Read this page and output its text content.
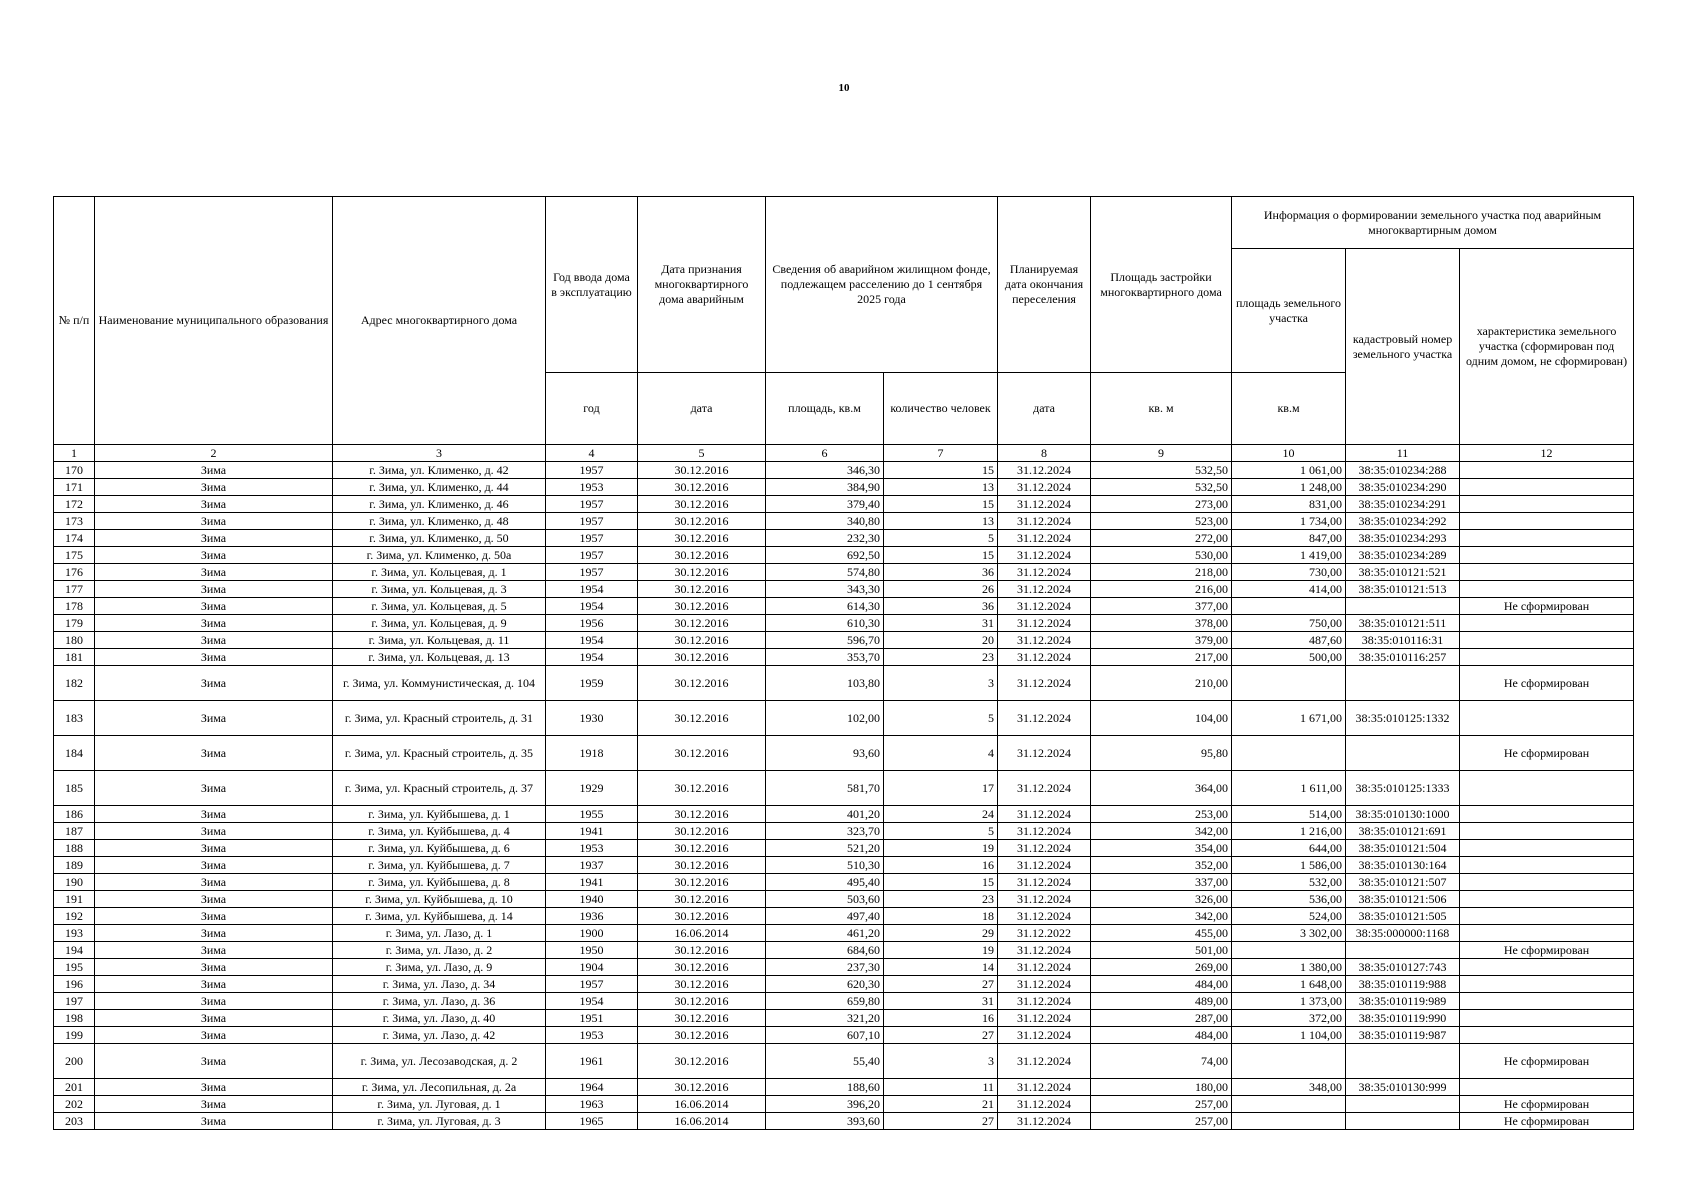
10
№ п/п	Наименование муниципального образования	Адрес многоквартирного дома	Год ввода дома в эксплуатацию	Дата признания многоквартирного дома аварийным	Сведения об аварийном жилищном фонде, подлежащем расселению до 1 сентября 2025 года		Планируемая дата окончания переселения	Площадь застройки многоквартирного дома	Информация о формировании земельного участка под аварийным многоквартирным домом		
									площадь земельного участка	кадастровый номер земельного участка	характеристика земельного участка (сформирован под одним домом, не сформирован)
			год	дата	площадь, кв.м	количество человек	дата	кв. м	кв.м		
1	2	3	4	5	6	7	8	9	10	11	12
170	Зима	г. Зима, ул. Клименко, д. 42	1957	30.12.2016	346,30	15	31.12.2024	532,50	1 061,00	38:35:010234:288	
171	Зима	г. Зима, ул. Клименко, д. 44	1953	30.12.2016	384,90	13	31.12.2024	532,50	1 248,00	38:35:010234:290	
172	Зима	г. Зима, ул. Клименко, д. 46	1957	30.12.2016	379,40	15	31.12.2024	273,00	831,00	38:35:010234:291	
173	Зима	г. Зима, ул. Клименко, д. 48	1957	30.12.2016	340,80	13	31.12.2024	523,00	1 734,00	38:35:010234:292	
174	Зима	г. Зима, ул. Клименко, д. 50	1957	30.12.2016	232,30	5	31.12.2024	272,00	847,00	38:35:010234:293	
175	Зима	г. Зима, ул. Клименко, д. 50а	1957	30.12.2016	692,50	15	31.12.2024	530,00	1 419,00	38:35:010234:289	
176	Зима	г. Зима, ул. Кольцевая, д. 1	1957	30.12.2016	574,80	36	31.12.2024	218,00	730,00	38:35:010121:521	
177	Зима	г. Зима, ул. Кольцевая, д. 3	1954	30.12.2016	343,30	26	31.12.2024	216,00	414,00	38:35:010121:513	
178	Зима	г. Зима, ул. Кольцевая, д. 5	1954	30.12.2016	614,30	36	31.12.2024	377,00			Не сформирован
179	Зима	г. Зима, ул. Кольцевая, д. 9	1956	30.12.2016	610,30	31	31.12.2024	378,00	750,00	38:35:010121:511	
180	Зима	г. Зима, ул. Кольцевая, д. 11	1954	30.12.2016	596,70	20	31.12.2024	379,00	487,60	38:35:010116:31	
181	Зима	г. Зима, ул. Кольцевая, д. 13	1954	30.12.2016	353,70	23	31.12.2024	217,00	500,00	38:35:010116:257	
182	Зима	г. Зима, ул. Коммунистическая, д. 104	1959	30.12.2016	103,80	3	31.12.2024	210,00			Не сформирован
183	Зима	г. Зима, ул. Красный строитель, д. 31	1930	30.12.2016	102,00	5	31.12.2024	104,00	1 671,00	38:35:010125:1332	
184	Зима	г. Зима, ул. Красный строитель, д. 35	1918	30.12.2016	93,60	4	31.12.2024	95,80			Не сформирован
185	Зима	г. Зима, ул. Красный строитель, д. 37	1929	30.12.2016	581,70	17	31.12.2024	364,00	1 611,00	38:35:010125:1333	
186	Зима	г. Зима, ул. Куйбышева, д. 1	1955	30.12.2016	401,20	24	31.12.2024	253,00	514,00	38:35:010130:1000	
187	Зима	г. Зима, ул. Куйбышева, д. 4	1941	30.12.2016	323,70	5	31.12.2024	342,00	1 216,00	38:35:010121:691	
188	Зима	г. Зима, ул. Куйбышева, д. 6	1953	30.12.2016	521,20	19	31.12.2024	354,00	644,00	38:35:010121:504	
189	Зима	г. Зима, ул. Куйбышева, д. 7	1937	30.12.2016	510,30	16	31.12.2024	352,00	1 586,00	38:35:010130:164	
190	Зима	г. Зима, ул. Куйбышева, д. 8	1941	30.12.2016	495,40	15	31.12.2024	337,00	532,00	38:35:010121:507	
191	Зима	г. Зима, ул. Куйбышева, д. 10	1940	30.12.2016	503,60	23	31.12.2024	326,00	536,00	38:35:010121:506	
192	Зима	г. Зима, ул. Куйбышева, д. 14	1936	30.12.2016	497,40	18	31.12.2024	342,00	524,00	38:35:010121:505	
193	Зима	г. Зима, ул. Лазо, д. 1	1900	16.06.2014	461,20	29	31.12.2022	455,00	3 302,00	38:35:000000:1168	
194	Зима	г. Зима, ул. Лазо, д. 2	1950	30.12.2016	684,60	19	31.12.2024	501,00			Не сформирован
195	Зима	г. Зима, ул. Лазо, д. 9	1904	30.12.2016	237,30	14	31.12.2024	269,00	1 380,00	38:35:010127:743	
196	Зима	г. Зима, ул. Лазо, д. 34	1957	30.12.2016	620,30	27	31.12.2024	484,00	1 648,00	38:35:010119:988	
197	Зима	г. Зима, ул. Лазо, д. 36	1954	30.12.2016	659,80	31	31.12.2024	489,00	1 373,00	38:35:010119:989	
198	Зима	г. Зима, ул. Лазо, д. 40	1951	30.12.2016	321,20	16	31.12.2024	287,00	372,00	38:35:010119:990	
199	Зима	г. Зима, ул. Лазо, д. 42	1953	30.12.2016	607,10	27	31.12.2024	484,00	1 104,00	38:35:010119:987	
200	Зима	г. Зима, ул. Лесозаводская, д. 2	1961	30.12.2016	55,40	3	31.12.2024	74,00			Не сформирован
201	Зима	г. Зима, ул. Лесопильная, д. 2а	1964	30.12.2016	188,60	11	31.12.2024	180,00	348,00	38:35:010130:999	
202	Зима	г. Зима, ул. Луговая, д. 1	1963	16.06.2014	396,20	21	31.12.2024	257,00			Не сформирован
203	Зима	г. Зима, ул. Луговая, д. 3	1965	16.06.2014	393,60	27	31.12.2024	257,00			Не сформирован
